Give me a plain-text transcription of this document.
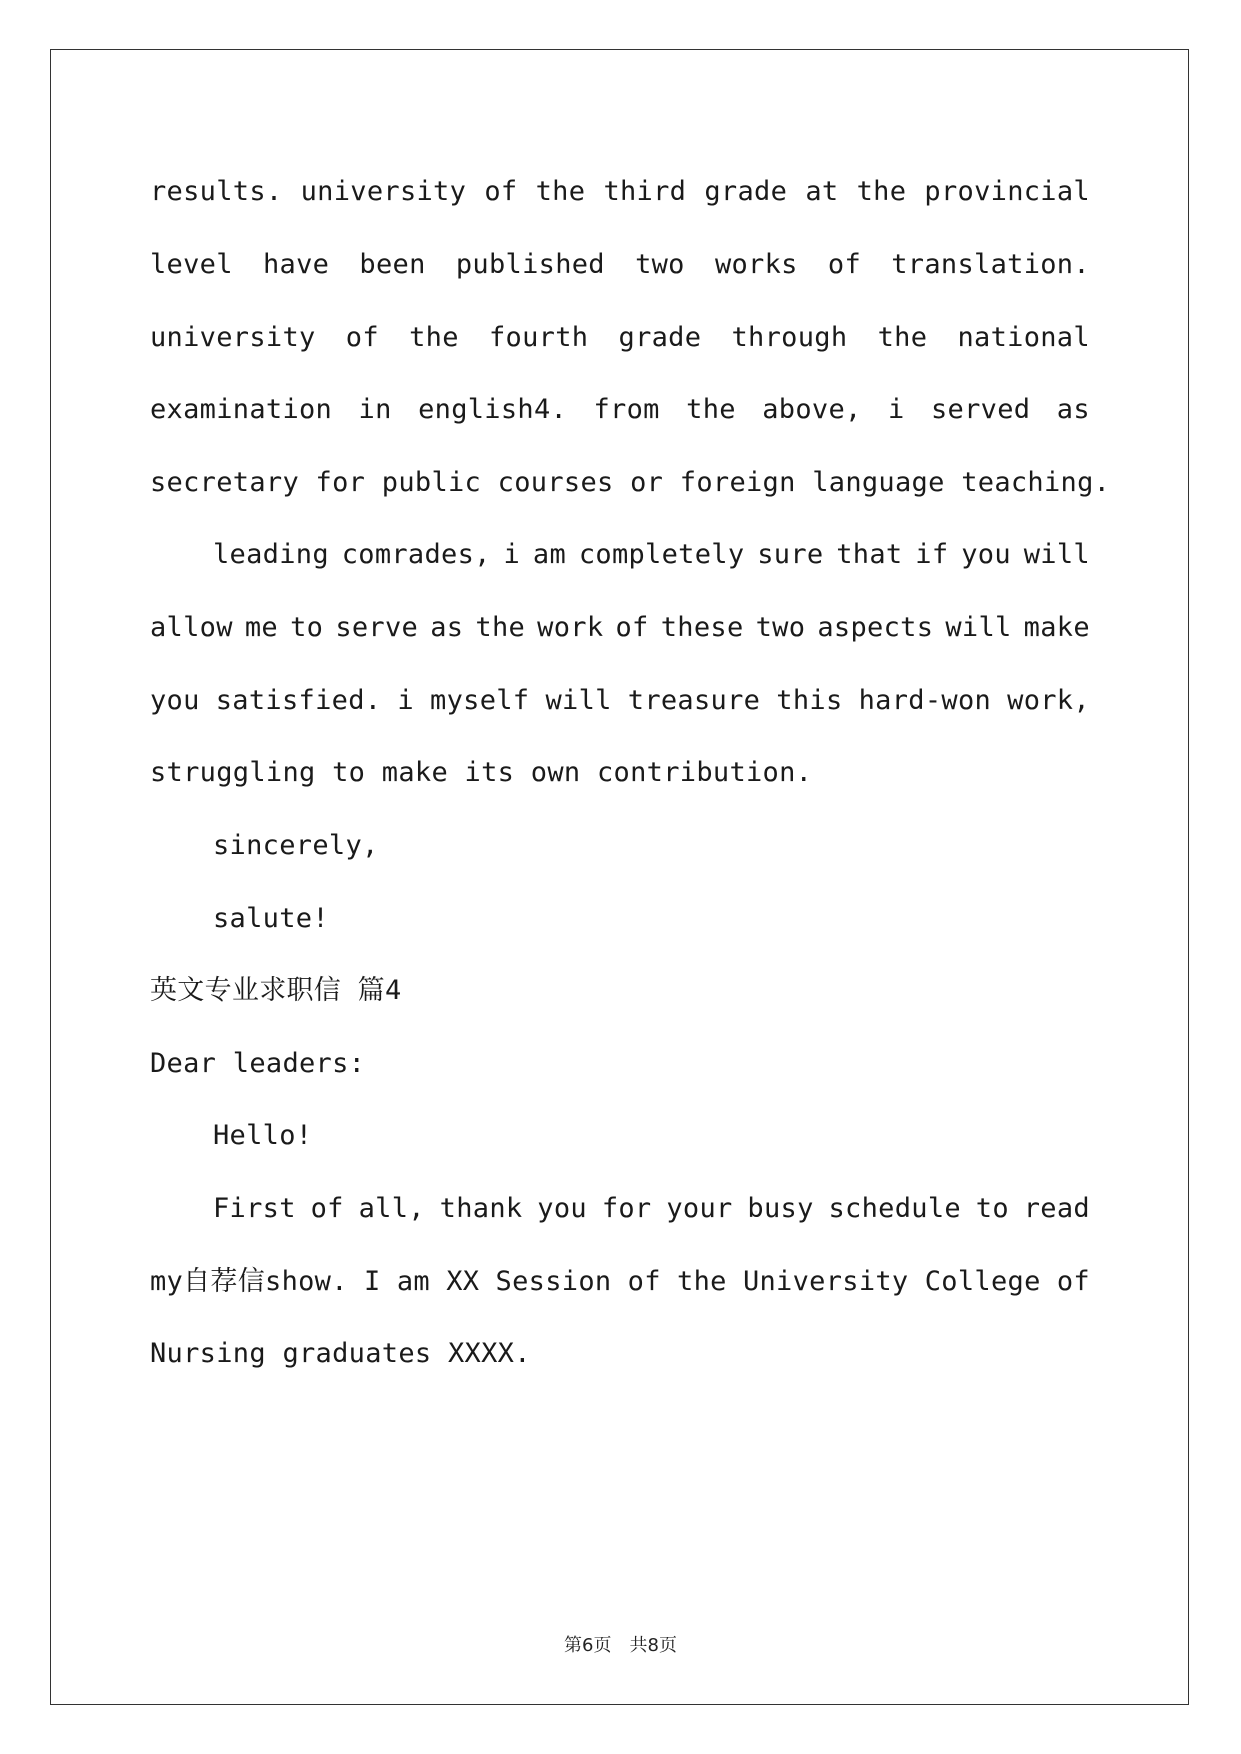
results. university of the third grade at the provincial
level have been published two works of translation.
university of the fourth grade through the national
examination in english4. from the above, i served as
secretary for public courses or foreign language teaching.
leading comrades, i am completely sure that if you will
allow me to serve as the work of these two aspects will make
you satisfied. i myself will treasure this hard-won work,
struggling to make its own contribution.
sincerely,
salute!
英文专业求职信 篇4
Dear leaders:
Hello!
First of all, thank you for your busy schedule to read
my自荐信show. I am XX Session of the University College of
Nursing graduates XXXX.
第6页　共8页
